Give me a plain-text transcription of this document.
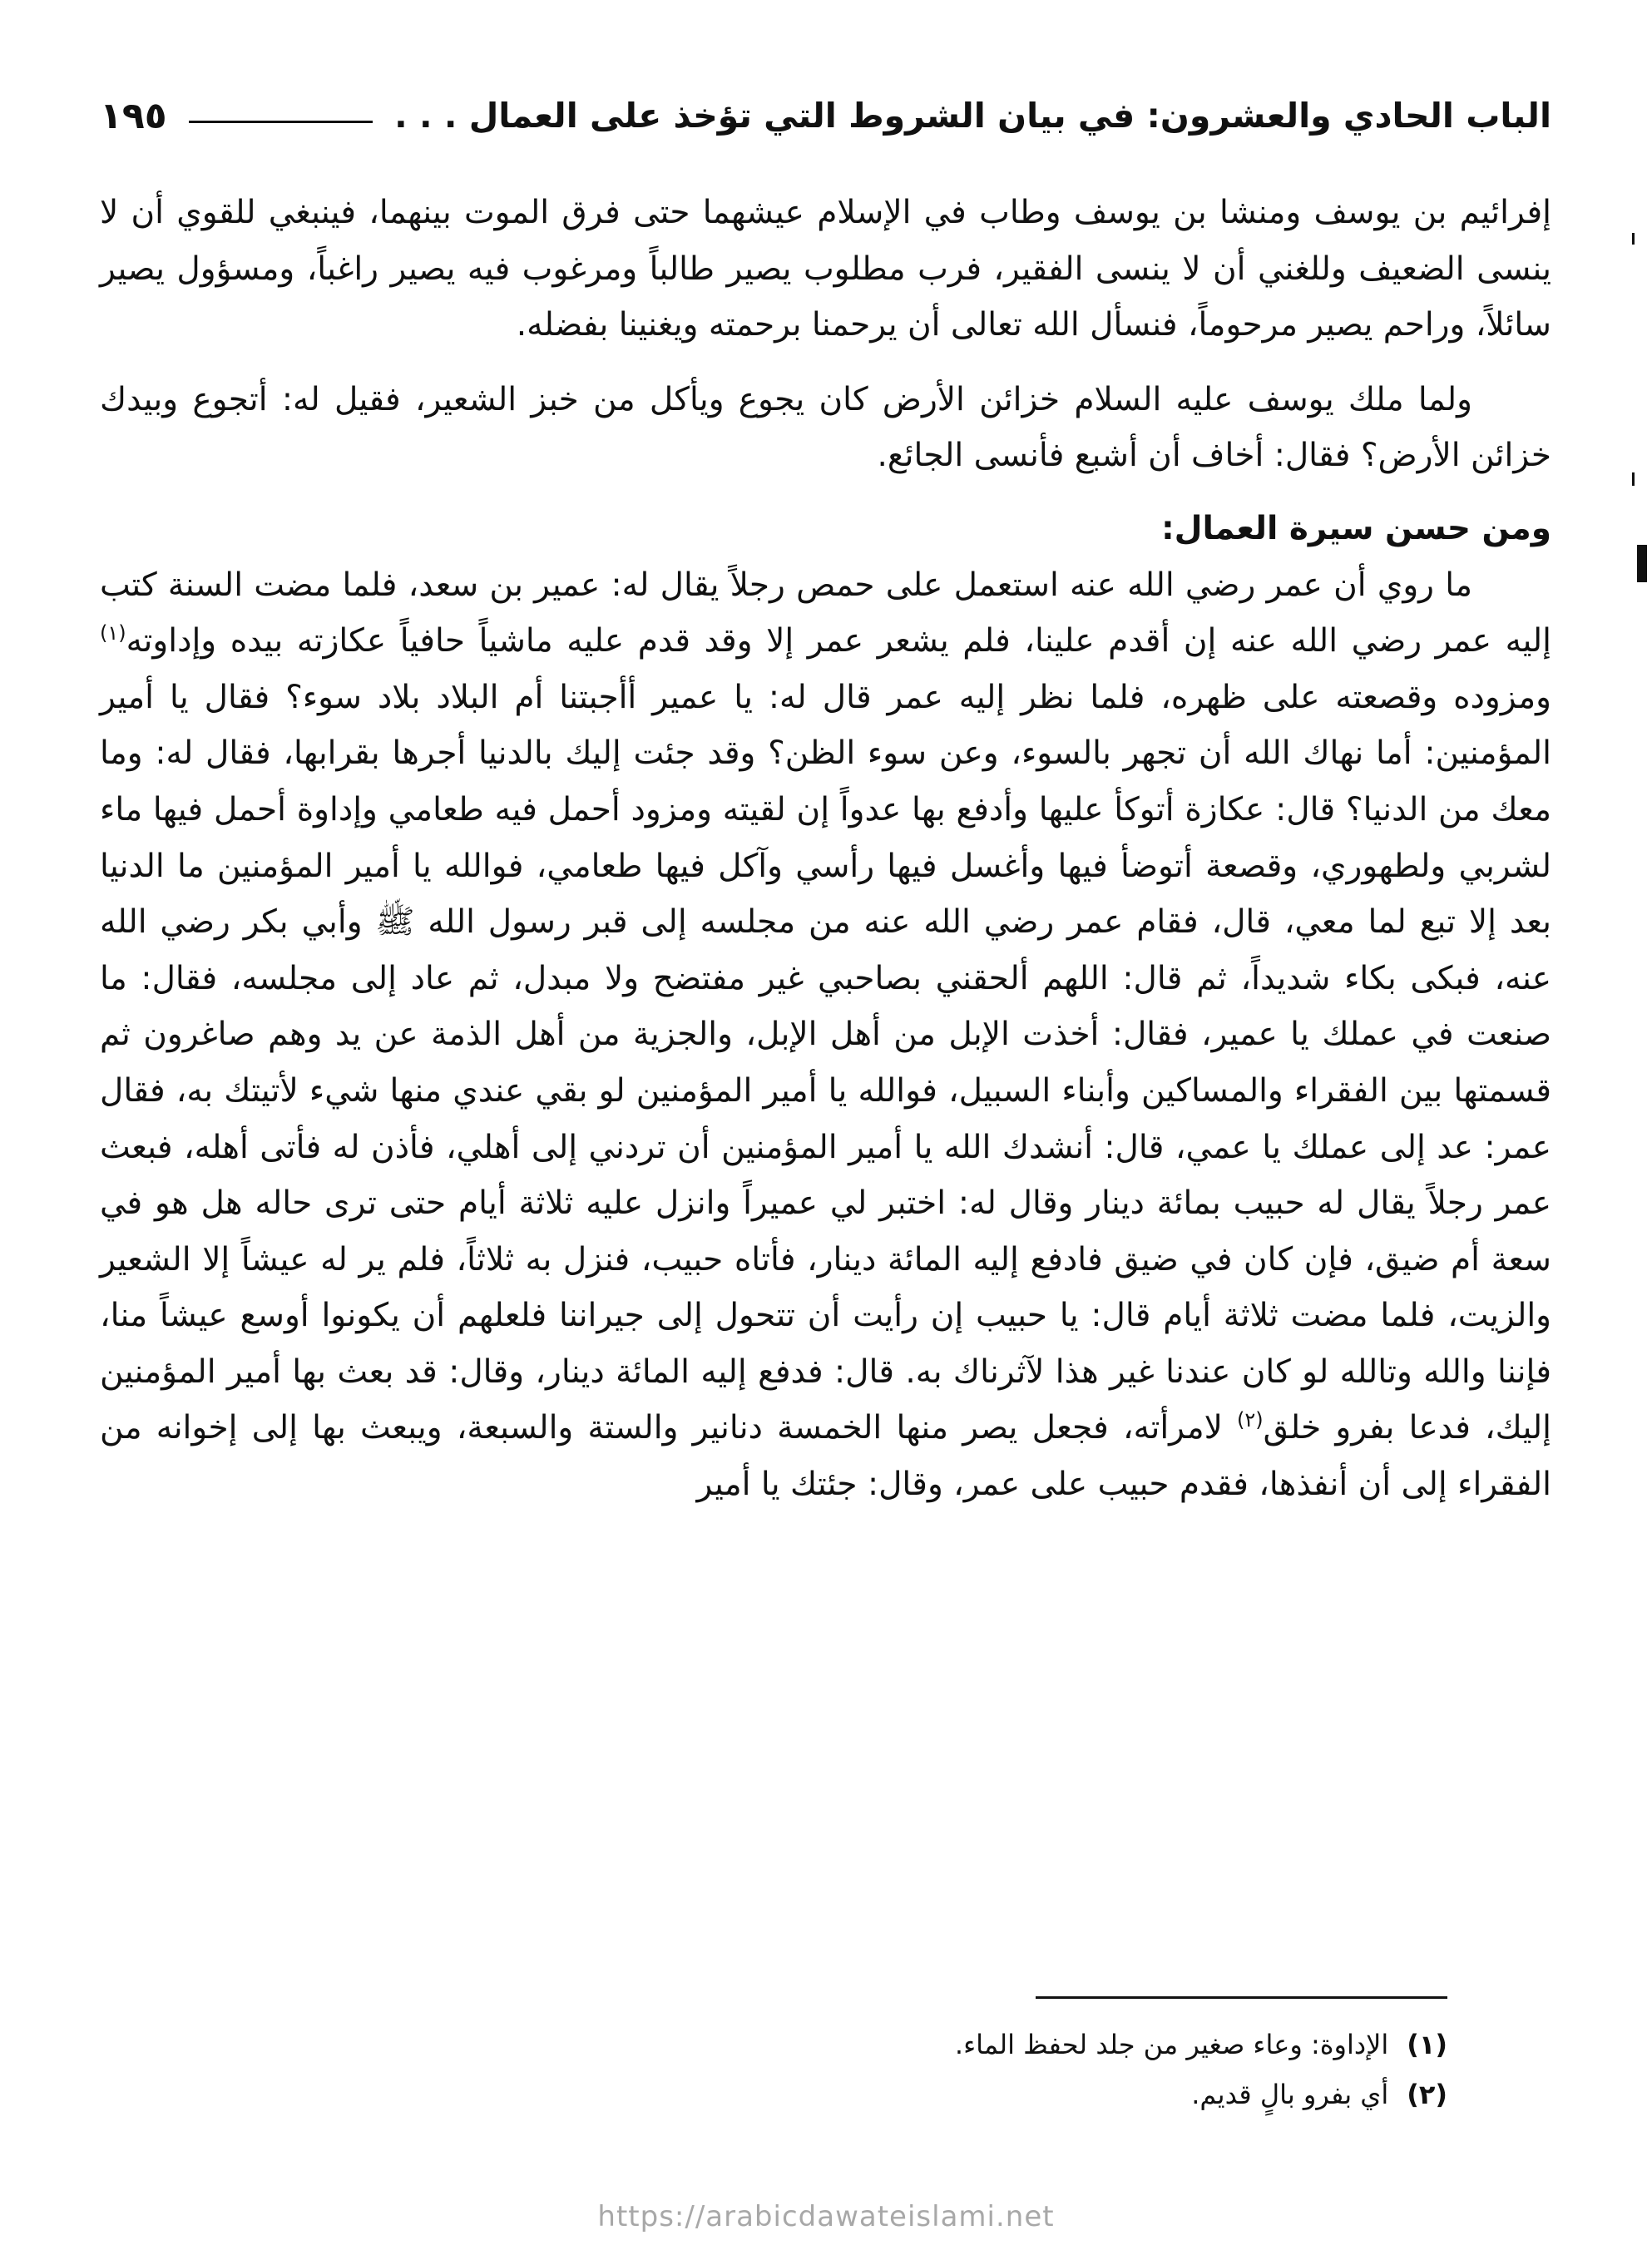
الباب الحادي والعشرون: في بيان الشروط التي تؤخذ على العمال . . .
١٩٥

إفرائيم بن يوسف ومنشا بن يوسف وطاب في الإسلام عيشهما حتى فرق الموت بينهما، فينبغي للقوي أن لا ينسى الضعيف وللغني أن لا ينسى الفقير، فرب مطلوب يصير طالباً ومرغوب فيه يصير راغباً، ومسؤول يصير سائلاً، وراحم يصير مرحوماً، فنسأل الله تعالى أن يرحمنا برحمته ويغنينا بفضله.

ولما ملك يوسف عليه السلام خزائن الأرض كان يجوع ويأكل من خبز الشعير، فقيل له: أتجوع وبيدك خزائن الأرض؟ فقال: أخاف أن أشبع فأنسى الجائع.

ومن حسن سيرة العمال:

ما روي أن عمر رضي الله عنه استعمل على حمص رجلاً يقال له: عمير بن سعد، فلما مضت السنة كتب إليه عمر رضي الله عنه إن أقدم علينا، فلم يشعر عمر إلا وقد قدم عليه ماشياً حافياً عكازته بيده وإداوته$^{(١)}$ ومزوده وقصعته على ظهره، فلما نظر إليه عمر قال له: يا عمير أأجبتنا أم البلاد بلاد سوء؟ فقال يا أمير المؤمنين: أما نهاك الله أن تجهر بالسوء، وعن سوء الظن؟ وقد جئت إليك بالدنيا أجرها بقرابها، فقال له: وما معك من الدنيا؟ قال: عكازة أتوكأ عليها وأدفع بها عدواً إن لقيته ومزود أحمل فيه طعامي وإداوة أحمل فيها ماء لشربي ولطهوري، وقصعة أتوضأ فيها وأغسل فيها رأسي وآكل فيها طعامي، فوالله يا أمير المؤمنين ما الدنيا بعد إلا تبع لما معي، قال، فقام عمر رضي الله عنه من مجلسه إلى قبر رسول الله ﷺ وأبي بكر رضي الله عنه، فبكى بكاء شديداً، ثم قال: اللهم ألحقني بصاحبي غير مفتضح ولا مبدل، ثم عاد إلى مجلسه، فقال: ما صنعت في عملك يا عمير، فقال: أخذت الإبل من أهل الإبل، والجزية من أهل الذمة عن يد وهم صاغرون ثم قسمتها بين الفقراء والمساكين وأبناء السبيل، فوالله يا أمير المؤمنين لو بقي عندي منها شيء لأتيتك به، فقال عمر: عد إلى عملك يا عمي، قال: أنشدك الله يا أمير المؤمنين أن تردني إلى أهلي، فأذن له فأتى أهله، فبعث عمر رجلاً يقال له حبيب بمائة دينار وقال له: اختبر لي عميراً وانزل عليه ثلاثة أيام حتى ترى حاله هل هو في سعة أم ضيق، فإن كان في ضيق فادفع إليه المائة دينار، فأتاه حبيب، فنزل به ثلاثاً، فلم ير له عيشاً إلا الشعير والزيت، فلما مضت ثلاثة أيام قال: يا حبيب إن رأيت أن تتحول إلى جيراننا فلعلهم أن يكونوا أوسع عيشاً منا، فإننا والله وتالله لو كان عندنا غير هذا لآثرناك به. قال: فدفع إليه المائة دينار، وقال: قد بعث بها أمير المؤمنين إليك، فدعا بفرو خلق$^{(٢)}$ لامرأته، فجعل يصر منها الخمسة دنانير والستة والسبعة، ويبعث بها إلى إخوانه من الفقراء إلى أن أنفذها، فقدم حبيب على عمر، وقال: جئتك يا أمير

(١)الإداوة: وعاء صغير من جلد لحفظ الماء.

(٢)أي بفرو بالٍ قديم.

https://arabicdawateislami.net
